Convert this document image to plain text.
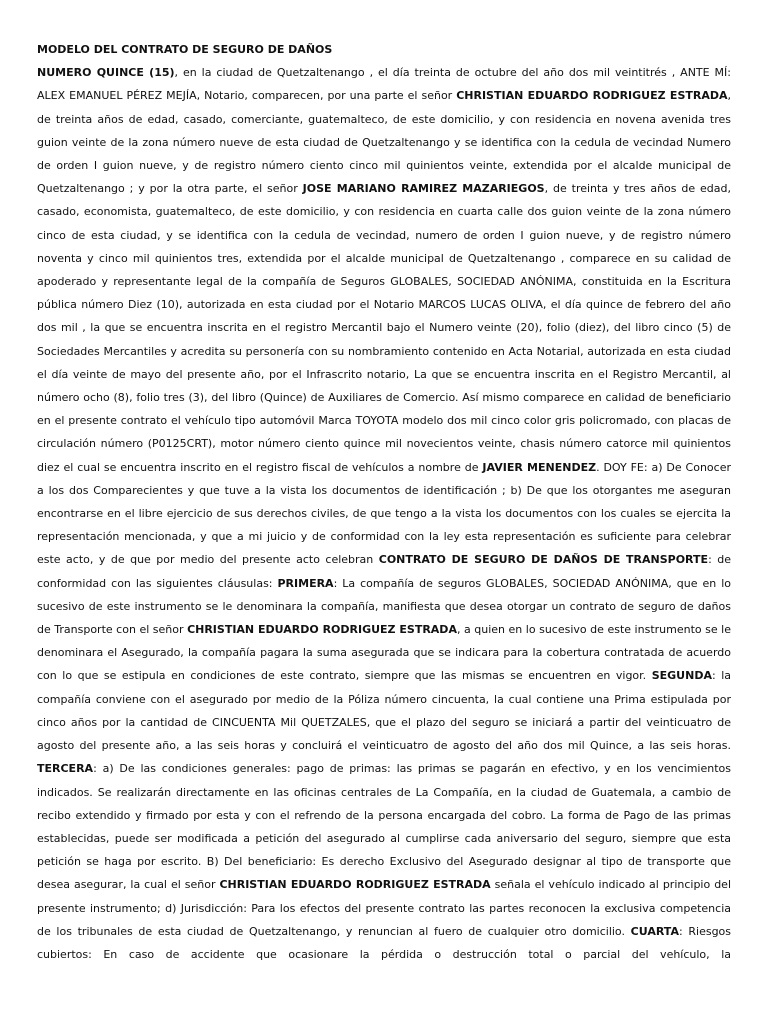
MODELO DEL CONTRATO DE SEGURO DE DAÑOS

NUMERO QUINCE (15), en la ciudad de Quetzaltenango , el día treinta de octubre del año dos mil veintitrés , ANTE MÍ: ALEX EMANUEL PÉREZ MEJÍA, Notario, comparecen, por una parte el señor CHRISTIAN EDUARDO RODRIGUEZ ESTRADA, de treinta años de edad, casado, comerciante, guatemalteco, de este domicilio, y con residencia en novena avenida tres guion veinte de la zona número nueve de esta ciudad de Quetzaltenango y se identifica con la cedula de vecindad Numero de orden I guion nueve, y de registro número ciento cinco mil quinientos veinte, extendida por el alcalde municipal de Quetzaltenango ; y por la otra parte, el señor JOSE MARIANO RAMIREZ MAZARIEGOS, de treinta y tres años de edad, casado, economista, guatemalteco, de este domicilio, y con residencia en cuarta calle dos guion veinte de la zona número cinco de esta ciudad, y se identifica con la cedula de vecindad, numero de orden I guion nueve, y de registro número noventa y cinco mil quinientos tres, extendida por el alcalde municipal de Quetzaltenango , comparece en su calidad de apoderado y representante legal de la compañía de Seguros GLOBALES, SOCIEDAD ANÓNIMA, constituida en la Escritura pública número Diez (10), autorizada en esta ciudad por el Notario MARCOS LUCAS OLIVA, el día quince de febrero del año dos mil , la que se encuentra inscrita en el registro Mercantil bajo el Numero veinte (20), folio (diez), del libro cinco (5) de Sociedades Mercantiles y acredita su personería con su nombramiento contenido en Acta Notarial, autorizada en esta ciudad el día veinte de mayo del presente año, por el Infrascrito notario, La que se encuentra inscrita en el Registro Mercantil, al número ocho (8), folio tres (3), del libro (Quince) de Auxiliares de Comercio. Así mismo comparece en calidad de beneficiario en el presente contrato el vehículo tipo automóvil Marca TOYOTA modelo dos mil cinco color gris policromado, con placas de circulación número (P0125CRT), motor número ciento quince mil novecientos veinte, chasis número catorce mil quinientos diez el cual se encuentra inscrito en el registro fiscal de vehículos a nombre de JAVIER MENENDEZ. DOY FE: a) De Conocer a los dos Comparecientes y que tuve a la vista los documentos de identificación ; b) De que los otorgantes me aseguran encontrarse en el libre ejercicio de sus derechos civiles, de que tengo a la vista los documentos con los cuales se ejercita la representación mencionada, y que a mi juicio y de conformidad con la ley esta representación es suficiente para celebrar este acto, y de que por medio del presente acto celebran CONTRATO DE SEGURO DE DAÑOS DE TRANSPORTE: de conformidad con las siguientes cláusulas: PRIMERA: La compañía de seguros GLOBALES, SOCIEDAD ANÓNIMA, que en lo sucesivo de este instrumento se le denominara la compañía, manifiesta que desea otorgar un contrato de seguro de daños de Transporte con el señor CHRISTIAN EDUARDO RODRIGUEZ ESTRADA, a quien en lo sucesivo de este instrumento se le denominara el Asegurado, la compañía pagara la suma asegurada que se indicara para la cobertura contratada de acuerdo con lo que se estipula en condiciones de este contrato, siempre que las mismas se encuentren en vigor. SEGUNDA: la compañía conviene con el asegurado por medio de la Póliza número cincuenta, la cual contiene una Prima estipulada por cinco años por la cantidad de CINCUENTA Mil QUETZALES, que el plazo del seguro se iniciará a partir del veinticuatro de agosto del presente año, a las seis horas y concluirá el veinticuatro de agosto del año dos mil Quince, a las seis horas. TERCERA: a) De las condiciones generales: pago de primas: las primas se pagarán en efectivo, y en los vencimientos indicados. Se realizarán directamente en las oficinas centrales de La Compañía, en la ciudad de Guatemala, a cambio de recibo extendido y firmado por esta y con el refrendo de la persona encargada del cobro. La forma de Pago de las primas establecidas, puede ser modificada a petición del asegurado al cumplirse cada aniversario del seguro, siempre que esta petición se haga por escrito. B) Del beneficiario: Es derecho Exclusivo del Asegurado designar al tipo de transporte que desea asegurar, la cual el señor CHRISTIAN EDUARDO RODRIGUEZ ESTRADA señala el vehículo indicado al principio del presente instrumento; d) Jurisdicción: Para los efectos del presente contrato las partes reconocen la exclusiva competencia de los tribunales de esta ciudad de Quetzaltenango, y renuncian al fuero de cualquier otro domicilio. CUARTA: Riesgos cubiertos: En caso de accidente que ocasionare la pérdida o destrucción total o parcial del vehículo, la
